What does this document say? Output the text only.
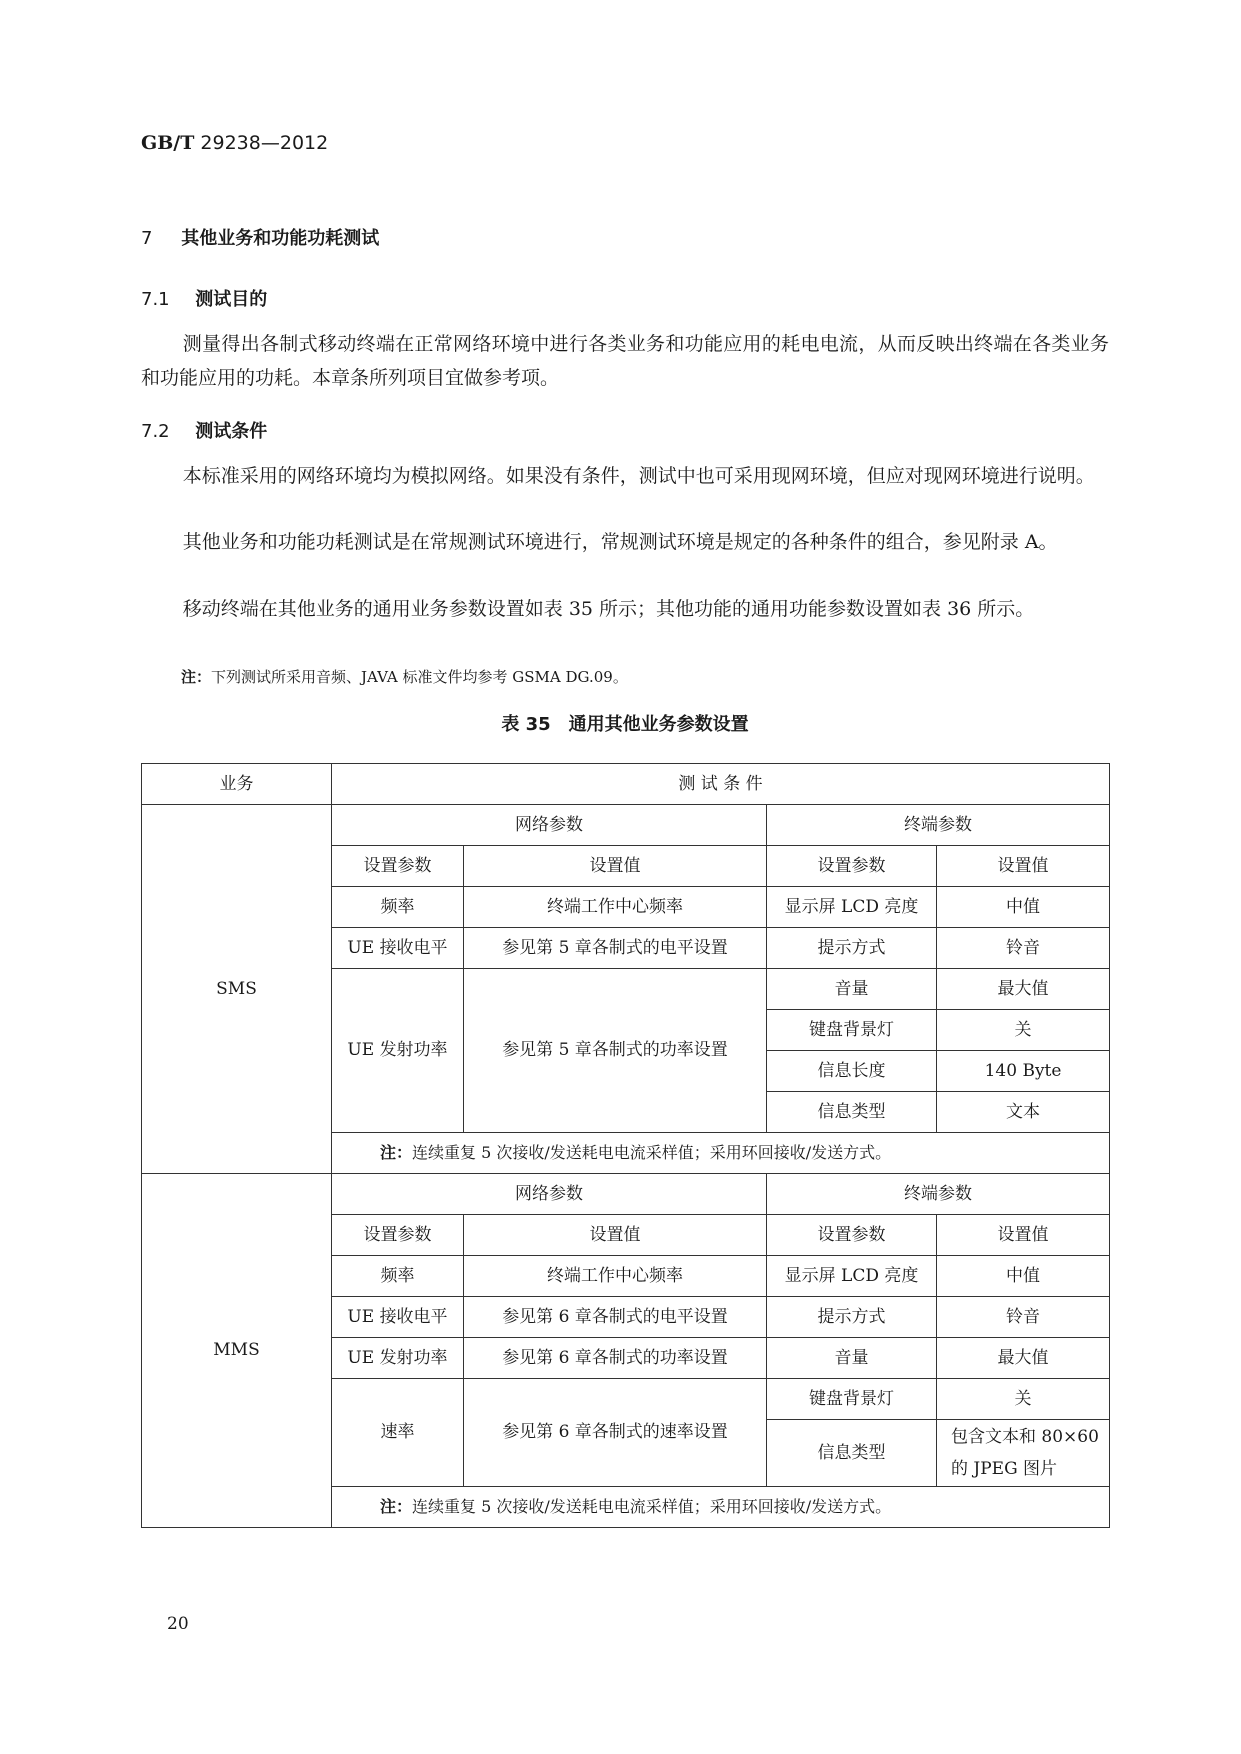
GB/T 29238—2012
7 其他业务和功能功耗测试
7.1 测试目的
测量得出各制式移动终端在正常网络环境中进行各类业务和功能应用的耗电电流，从而反映出终端在各类业务和功能应用的功耗。本章条所列项目宜做参考项。
7.2 测试条件
本标准采用的网络环境均为模拟网络。如果没有条件，测试中也可采用现网环境，但应对现网环境进行说明。
其他业务和功能功耗测试是在常规测试环境进行，常规测试环境是规定的各种条件的组合，参见附录 A。
移动终端在其他业务的通用业务参数设置如表 35 所示；其他功能的通用功能参数设置如表 36 所示。
注：下列测试所采用音频、JAVA 标准文件均参考 GSMA DG.09。
表 35　通用其他业务参数设置
业务	测 试 条 件			
SMS	网络参数		终端参数	
	设置参数	设置值	设置参数	设置值
	频率	终端工作中心频率	显示屏 LCD 亮度	中值
	UE 接收电平	参见第 5 章各制式的电平设置	提示方式	铃音
	UE 发射功率	参见第 5 章各制式的功率设置	音量	最大值
			键盘背景灯	关
			信息长度	140 Byte
			信息类型	文本
	注：连续重复 5 次接收/发送耗电电流采样值；采用环回接收/发送方式。			
MMS	网络参数		终端参数	
	设置参数	设置值	设置参数	设置值
	频率	终端工作中心频率	显示屏 LCD 亮度	中值
	UE 接收电平	参见第 6 章各制式的电平设置	提示方式	铃音
	UE 发射功率	参见第 6 章各制式的功率设置	音量	最大值
	速率	参见第 6 章各制式的速率设置	键盘背景灯	关
			信息类型	包含文本和 80×60 的 JPEG 图片
	注：连续重复 5 次接收/发送耗电电流采样值；采用环回接收/发送方式。			
20
